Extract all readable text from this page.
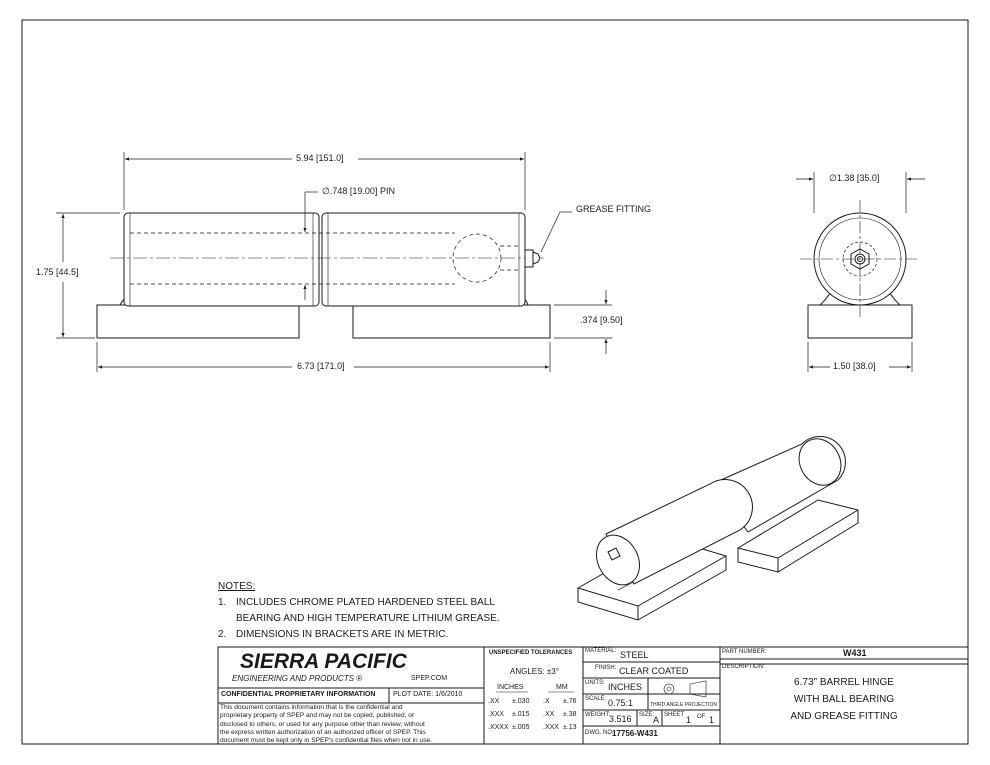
5.94 [151.0]
∅.748 [19.00] PIN
1.75 [44.5]
6.73 [171.0]
.374 [9.50]
GREASE FITTING
∅1.38 [35.0]
1.50 [38.0]
NOTES:
1. INCLUDES CHROME PLATED HARDENED STEEL BALL
BEARING AND HIGH TEMPERATURE LITHIUM GREASE.
2. DIMENSIONS IN BRACKETS ARE IN METRIC.
SIERRA PACIFIC
ENGINEERING AND PRODUCTS ®	SPEP.COM
CONFIDENTIAL PROPRIETARY INFORMATION	PLOT DATE: 1/6/2010
This document contains information that is the confidential and
proprietary property of SPEP and may not be copied, published, or
disclosed to others, or used for any purpose other than review, without
the express written authorization of an authorized officer of SPEP. This
document must be kept only in SPEP's confidential files when not in use.
UNSPECIFIED TOLERANCES
ANGLES: ±3°
INCHES	MM
.XX ±.030 .X ±.76
.XXX ±.015 .XX ±.38
.XXXX ±.005 .XXX ±.13
MATERIAL: STEEL
FINISH: CLEAR COATED
UNITS: INCHES
SCALE: 0.75:1	THIRD ANGLE PROJECTION
WEIGHT: 3.516 SIZE:
A SHEET 1 OF 1
DWG. NO.
17756-W431
PART NUMBER:	W431
DESCRIPTION:
6.73" BARREL HINGE
WITH BALL BEARING
AND GREASE FITTING
